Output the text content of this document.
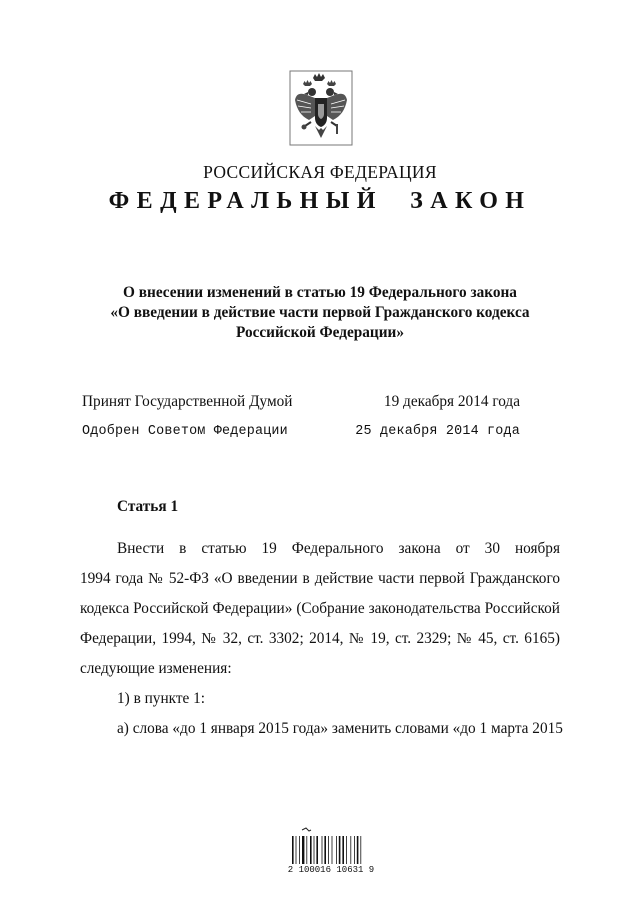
РОССИЙСКАЯ ФЕДЕРАЦИЯ
ФЕДЕРАЛЬНЫЙ ЗАКОН
О внесении изменений в статью 19 Федерального закона
«О введении в действие части первой Гражданского кодекса
Российской Федерации»
Принят Государственной Думой	19 декабря 2014 года
Одобрен Советом Федерации	25 декабря 2014 года
Статья 1
Внести в статью 19 Федерального закона от 30 ноября
1994 года № 52-ФЗ «О введении в действие части первой Гражданского
кодекса Российской Федерации» (Собрание законодательства Российской
Федерации, 1994, № 32, ст. 3302; 2014, № 19, ст. 2329; № 45, ст. 6165)
следующие изменения:
1) в пункте 1:
а) слова «до 1 января 2015 года» заменить словами «до 1 марта 2015
2 100016 10631 9
